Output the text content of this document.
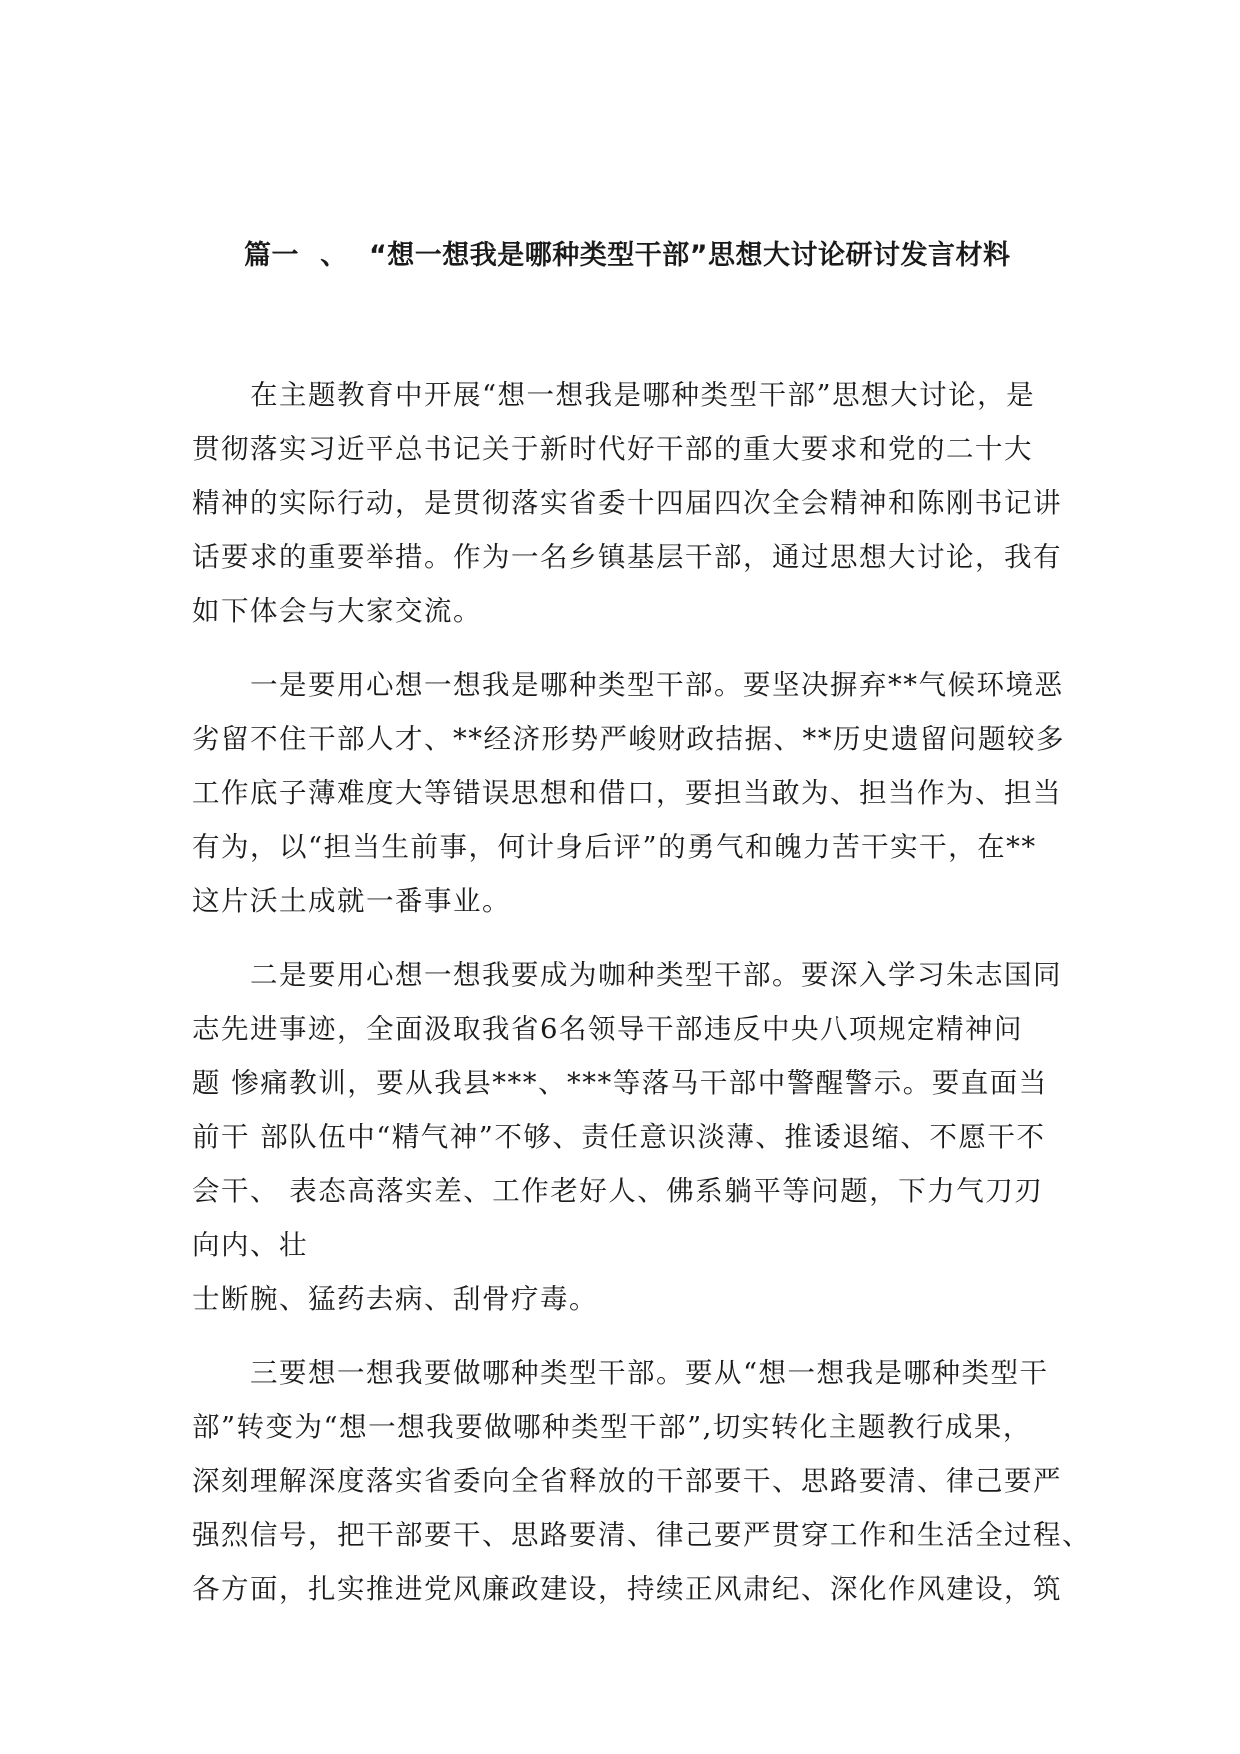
篇一 、 “想一想我是哪种类型干部”思想大讨论研讨发言材料
在主题教育中开展“想一想我是哪种类型干部”思想大讨论，是
贯彻落实习近平总书记关于新时代好干部的重大要求和党的二十大
精神的实际行动，是贯彻落实省委十四届四次全会精神和陈刚书记讲
话要求的重要举措。作为一名乡镇基层干部，通过思想大讨论，我有
如下体会与大家交流。
一是要用心想一想我是哪种类型干部。要坚决摒弃**气候环境恶
劣留不住干部人才、**经济形势严峻财政拮据、**历史遗留问题较多
工作底子薄难度大等错误思想和借口，要担当敢为、担当作为、担当
有为，以“担当生前事，何计身后评”的勇气和魄力苦干实干，在**
这片沃土成就一番事业。
二是要用心想一想我要成为咖种类型干部。要深入学习朱志国同
志先进事迹，全面汲取我省6名领导干部违反中央八项规定精神问
题 惨痛教训，要从我县***、***等落马干部中警醒警示。要直面当
前干 部队伍中“精气神”不够、责任意识淡薄、推诿退缩、不愿干不
会干、 表态高落实差、工作老好人、佛系躺平等问题，下力气刀刃
向内、壮
士断腕、猛药去病、刮骨疗毒。
三要想一想我要做哪种类型干部。要从“想一想我是哪种类型干
部”转变为“想一想我要做哪种类型干部”,切实转化主题教行成果，
深刻理解深度落实省委向全省释放的干部要干、思路要清、律己要严
强烈信号，把干部要干、思路要清、律己要严贯穿工作和生活全过程、
各方面，扎实推进党风廉政建设，持续正风肃纪、深化作风建设，筑
